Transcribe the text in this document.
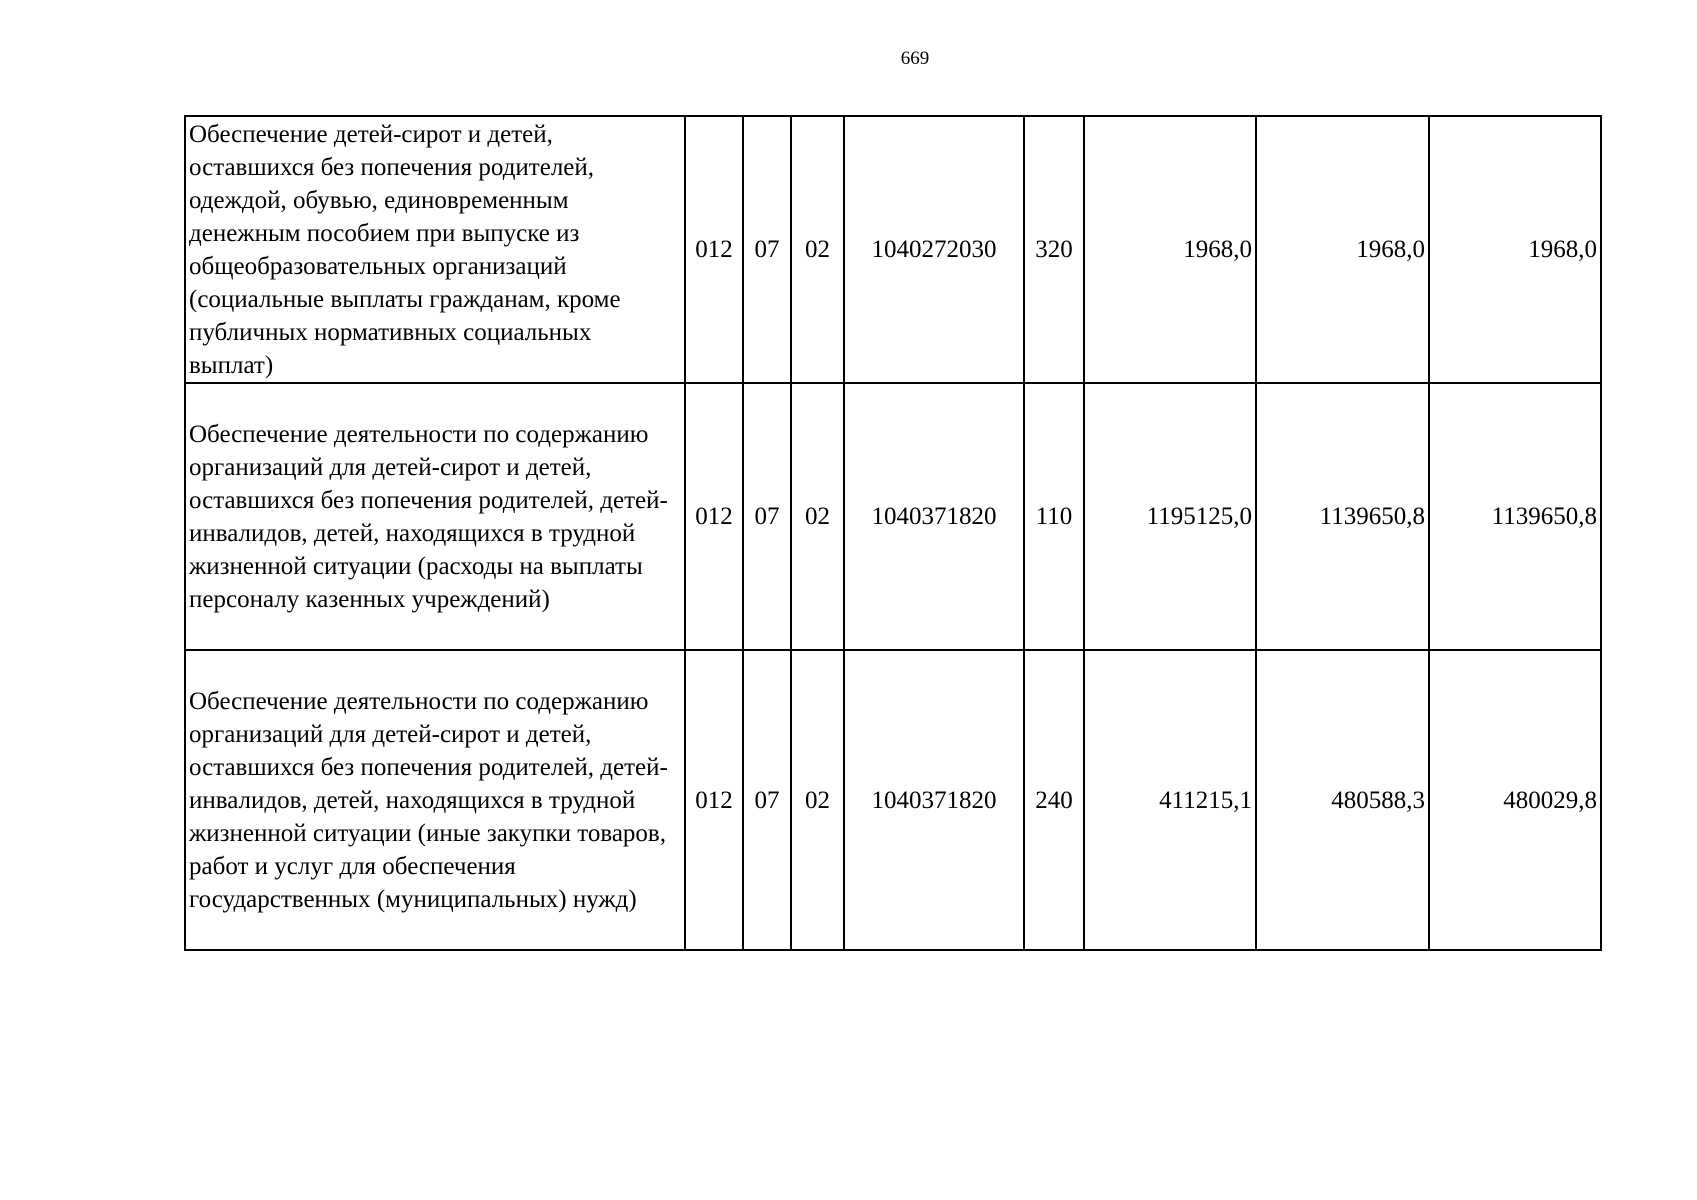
669
Обеспечение детей-сирот и детей, оставшихся без попечения родителей, одеждой, обувью, единовременным денежным пособием при выпуске из общеобразовательных организаций (социальные выплаты гражданам, кроме публичных нормативных социальных выплат)	012	07	02	1040272030	320	1968,0	1968,0	1968,0
Обеспечение деятельности по содержанию организаций для детей-сирот и детей, оставшихся без попечения родителей, детей-инвалидов, детей, находящихся в трудной жизненной ситуации (расходы на выплаты персоналу казенных учреждений)	012	07	02	1040371820	110	1195125,0	1139650,8	1139650,8
Обеспечение деятельности по содержанию организаций для детей-сирот и детей, оставшихся без попечения родителей, детей-инвалидов, детей, находящихся в трудной жизненной ситуации (иные закупки товаров, работ и услуг для обеспечения государственных (муниципальных) нужд)	012	07	02	1040371820	240	411215,1	480588,3	480029,8
